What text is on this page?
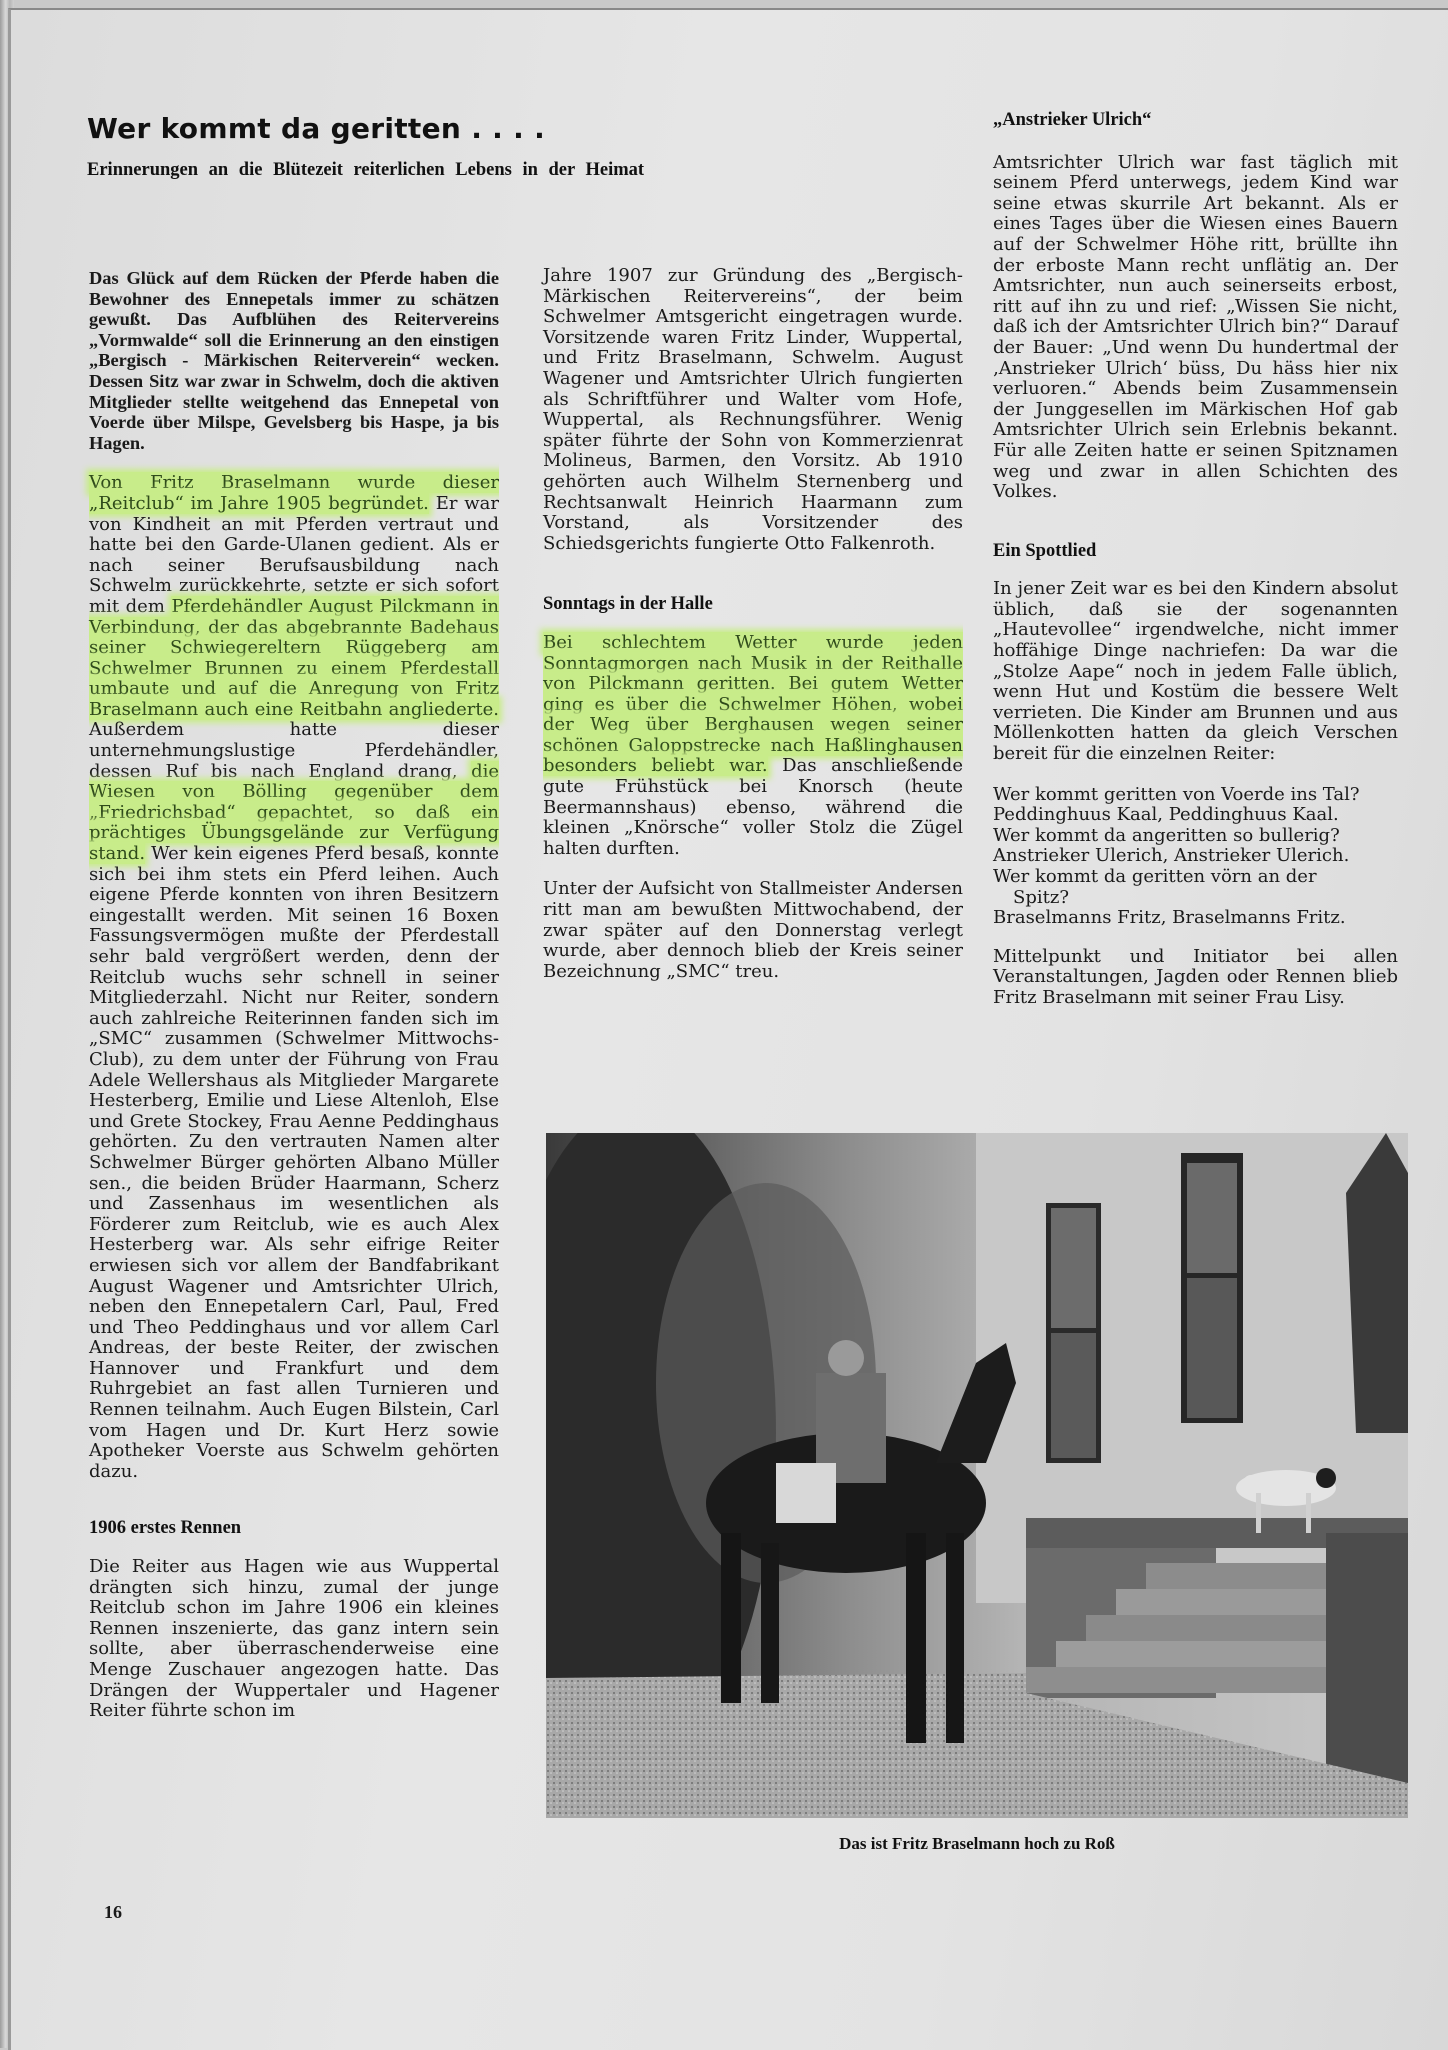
Wer kommt da geritten . . . .
Erinnerungen an die Blütezeit reiterlichen Lebens in der Heimat

Das Glück auf dem Rücken der Pferde haben die Bewohner des Ennepetals immer zu schätzen gewußt. Das Aufblühen des Reitervereins „Vormwalde“ soll die Erinnerung an den einstigen „Bergisch - Märkischen Reiterverein“ wecken. Dessen Sitz war zwar in Schwelm, doch die aktiven Mitglieder stellte weitgehend das Ennepetal von Voerde über Milspe, Gevelsberg bis Haspe, ja bis Hagen.

Von Fritz Braselmann wurde dieser „Reitclub“ im Jahre 1905 begründet. Er war von Kindheit an mit Pferden vertraut und hatte bei den Garde-Ulanen gedient. Als er nach seiner Berufsausbildung nach Schwelm zurückkehrte, setzte er sich sofort mit dem Pferdehändler August Pilckmann in Verbindung, der das abgebrannte Badehaus seiner Schwiegereltern Rüggeberg am Schwelmer Brunnen zu einem Pferdestall umbaute und auf die Anregung von Fritz Braselmann auch eine Reitbahn angliederte. Außerdem hatte dieser unternehmungslustige Pferdehändler, dessen Ruf bis nach England drang, die Wiesen von Bölling gegenüber dem „Friedrichsbad“ gepachtet, so daß ein prächtiges Übungsgelände zur Verfügung stand. Wer kein eigenes Pferd besaß, konnte sich bei ihm stets ein Pferd leihen. Auch eigene Pferde konnten von ihren Besitzern eingestallt werden. Mit seinen 16 Boxen Fassungsvermögen mußte der Pferdestall sehr bald vergrößert werden, denn der Reitclub wuchs sehr schnell in seiner Mitgliederzahl. Nicht nur Reiter, sondern auch zahlreiche Reiterinnen fanden sich im „SMC“ zusammen (Schwelmer Mittwochs-Club), zu dem unter der Führung von Frau Adele Wellershaus als Mitglieder Margarete Hesterberg, Emilie und Liese Altenloh, Else und Grete Stockey, Frau Aenne Peddinghaus gehörten. Zu den vertrauten Namen alter Schwelmer Bürger gehörten Albano Müller sen., die beiden Brüder Haarmann, Scherz und Zassenhaus im wesentlichen als Förderer zum Reitclub, wie es auch Alex Hesterberg war. Als sehr eifrige Reiter erwiesen sich vor allem der Bandfabrikant August Wagener und Amtsrichter Ulrich, neben den Ennepetalern Carl, Paul, Fred und Theo Peddinghaus und vor allem Carl Andreas, der beste Reiter, der zwischen Hannover und Frankfurt und dem Ruhrgebiet an fast allen Turnieren und Rennen teilnahm. Auch Eugen Bilstein, Carl vom Hagen und Dr. Kurt Herz sowie Apotheker Voerste aus Schwelm gehörten dazu.

1906 erstes Rennen

Die Reiter aus Hagen wie aus Wuppertal drängten sich hinzu, zumal der junge Reitclub schon im Jahre 1906 ein kleines Rennen inszenierte, das ganz intern sein sollte, aber überraschenderweise eine Menge Zuschauer angezogen hatte. Das Drängen der Wuppertaler und Hagener Reiter führte schon im

Jahre 1907 zur Gründung des „Bergisch-Märkischen Reitervereins“, der beim Schwelmer Amtsgericht eingetragen wurde. Vorsitzende waren Fritz Linder, Wuppertal, und Fritz Braselmann, Schwelm. August Wagener und Amtsrichter Ulrich fungierten als Schriftführer und Walter vom Hofe, Wuppertal, als Rechnungsführer. Wenig später führte der Sohn von Kommerzienrat Molineus, Barmen, den Vorsitz. Ab 1910 gehörten auch Wilhelm Sternenberg und Rechtsanwalt Heinrich Haarmann zum Vorstand, als Vorsitzender des Schiedsgerichts fungierte Otto Falkenroth.

Sonntags in der Halle

Bei schlechtem Wetter wurde jeden Sonntagmorgen nach Musik in der Reithalle von Pilckmann geritten. Bei gutem Wetter ging es über die Schwelmer Höhen, wobei der Weg über Berghausen wegen seiner schönen Galoppstrecke nach Haßlinghausen besonders beliebt war. Das anschließende gute Frühstück bei Knorsch (heute Beermannshaus) ebenso, während die kleinen „Knörsche“ voller Stolz die Zügel halten durften.

Unter der Aufsicht von Stallmeister Andersen ritt man am bewußten Mittwochabend, der zwar später auf den Donnerstag verlegt wurde, aber dennoch blieb der Kreis seiner Bezeichnung „SMC“ treu.

„Anstrieker Ulrich“

Amtsrichter Ulrich war fast täglich mit seinem Pferd unterwegs, jedem Kind war seine etwas skurrile Art bekannt. Als er eines Tages über die Wiesen eines Bauern auf der Schwelmer Höhe ritt, brüllte ihn der erboste Mann recht unflätig an. Der Amtsrichter, nun auch seinerseits erbost, ritt auf ihn zu und rief: „Wissen Sie nicht, daß ich der Amtsrichter Ulrich bin?“ Darauf der Bauer: „Und wenn Du hundertmal der ‚Anstrieker Ulrich‘ büss, Du häss hier nix verluoren.“ Abends beim Zusammensein der Junggesellen im Märkischen Hof gab Amtsrichter Ulrich sein Erlebnis bekannt. Für alle Zeiten hatte er seinen Spitznamen weg und zwar in allen Schichten des Volkes.

Ein Spottlied

In jener Zeit war es bei den Kindern absolut üblich, daß sie der sogenannten „Hautevollee“ irgendwelche, nicht immer hoffähige Dinge nachriefen: Da war die „Stolze Aape“ noch in jedem Falle üblich, wenn Hut und Kostüm die bessere Welt verrieten. Die Kinder am Brunnen und aus Möllenkotten hatten da gleich Verschen bereit für die einzelnen Reiter:

Wer kommt geritten von Voerde ins Tal?

Peddinghuus Kaal, Peddinghuus Kaal.

Wer kommt da angeritten so bullerig?

Anstrieker Ulerich, Anstrieker Ulerich.

Wer kommt da geritten vörn an der

Spitz?

Braselmanns Fritz, Braselmanns Fritz.

Mittelpunkt und Initiator bei allen Veranstaltungen, Jagden oder Rennen blieb Fritz Braselmann mit seiner Frau Lisy.

Das ist Fritz Braselmann hoch zu Roß
16
